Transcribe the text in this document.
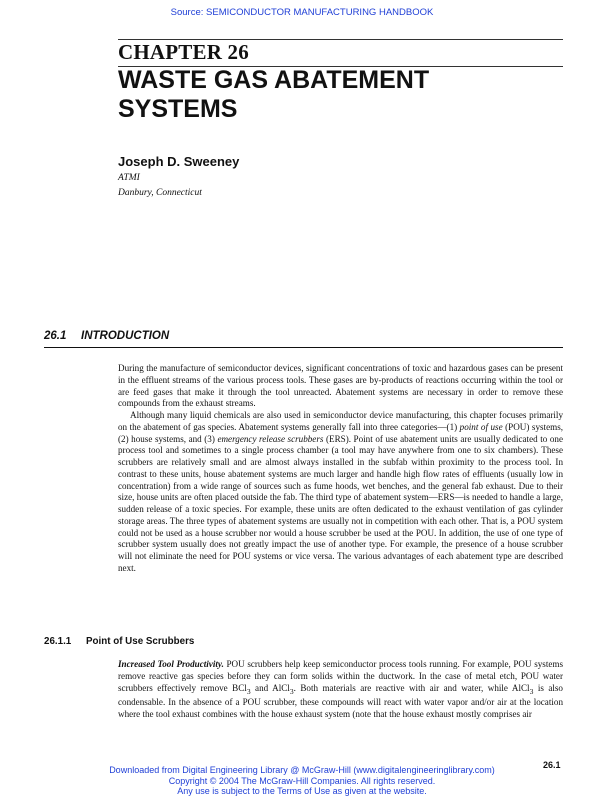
Source: SEMICONDUCTOR MANUFACTURING HANDBOOK
CHAPTER 26
WASTE GAS ABATEMENT
SYSTEMS
Joseph D. Sweeney
ATMI
Danbury, Connecticut
26.1 INTRODUCTION

During the manufacture of semiconductor devices, significant concentrations of toxic and hazardous gases can be present in the effluent streams of the various process tools. These gases are by-products of reactions occurring within the tool or are feed gases that make it through the tool unreacted. Abatement systems are necessary in order to remove these compounds from the exhaust streams.

Although many liquid chemicals are also used in semiconductor device manufacturing, this chapter focuses primarily on the abatement of gas species. Abatement systems generally fall into three categories—(1) point of use (POU) systems, (2) house systems, and (3) emergency release scrubbers (ERS). Point of use abatement units are usually dedicated to one process tool and sometimes to a single process chamber (a tool may have anywhere from one to six chambers). These scrubbers are relatively small and are almost always installed in the subfab within proximity to the process tool. In contrast to these units, house abatement systems are much larger and handle high flow rates of effluents (usually low in concentration) from a wide range of sources such as fume hoods, wet benches, and the general fab exhaust. Due to their size, house units are often placed outside the fab. The third type of abatement system—ERS—is needed to handle a large, sudden release of a toxic species. For example, these units are often dedicated to the exhaust ventilation of gas cylinder storage areas. The three types of abatement systems are usually not in competition with each other. That is, a POU system could not be used as a house scrubber nor would a house scrubber be used at the POU. In addition, the use of one type of scrubber system usually does not greatly impact the use of another type. For example, the presence of a house scrubber will not eliminate the need for POU systems or vice versa. The various advantages of each abatement type are described next.

26.1.1 Point of Use Scrubbers

Increased Tool Productivity. POU scrubbers help keep semiconductor process tools running. For example, POU systems remove reactive gas species before they can form solids within the ductwork. In the case of metal etch, POU water scrubbers effectively remove BCl$_3$ and AlCl$_3$. Both materials are reactive with air and water, while AlCl$_3$ is also condensable. In the absence of a POU scrubber, these compounds will react with water vapor and/or air at the location where the tool exhaust combines with the house exhaust system (note that the house exhaust mostly comprises air

26.1
Downloaded from Digital Engineering Library @ McGraw-Hill (www.digitalengineeringlibrary.com)
Copyright © 2004 The McGraw-Hill Companies. All rights reserved.
Any use is subject to the Terms of Use as given at the website.
